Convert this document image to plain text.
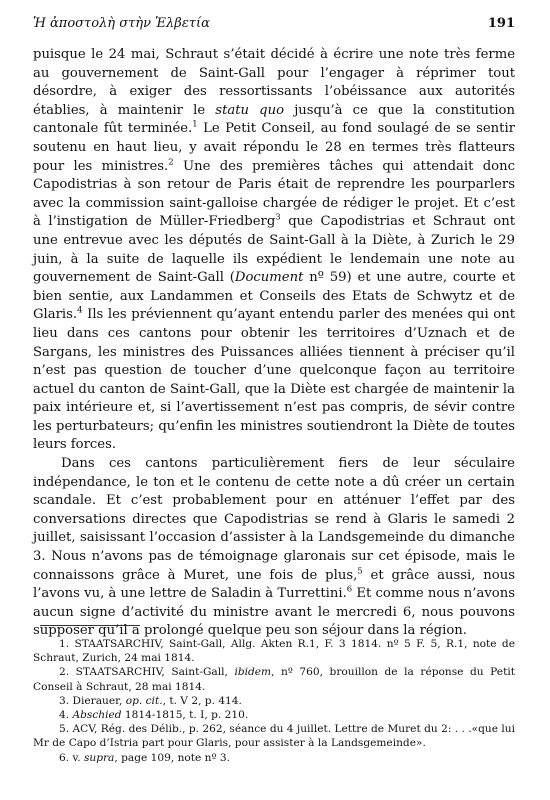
Ἡ ἀποστολὴ στὴν Ἑλβετία	191

puisque le 24 mai, Schraut s’était décidé à écrire une note très ferme au gouvernement de Saint-Gall pour l’engager à réprimer tout désordre, à exiger des ressortissants l’obéissance aux autorités établies, à maintenir le statu quo jusqu’à ce que la constitution cantonale fût terminée.$^1$ Le Petit Conseil, au fond soulagé de se sentir soutenu en haut lieu, y avait répondu le 28 en termes très flatteurs pour les ministres.$^2$ Une des premières tâches qui attendait donc Capodistrias à son retour de Paris était de reprendre les pourparlers avec la commission saint-galloise chargée de rédiger le projet. Et c’est à l’instigation de Müller-Friedberg$^3$ que Capodistrias et Schraut ont une entrevue avec les députés de Saint-Gall à la Diète, à Zurich le 29 juin, à la suite de laquelle ils expédient le lendemain une note au gouvernement de Saint-Gall (Document nº 59) et une autre, courte et bien sentie, aux Landammen et Conseils des Etats de Schwytz et de Glaris.$^4$ Ils les préviennent qu’ayant entendu parler des menées qui ont lieu dans ces cantons pour obtenir les territoires d’Uznach et de Sargans, les ministres des Puissances alliées tiennent à préciser qu’il n’est pas question de toucher d’une quelconque façon au territoire actuel du canton de Saint-Gall, que la Diète est chargée de maintenir la paix intérieure et, si l’avertissement n’est pas compris, de sévir contre les perturbateurs; qu’enfin les ministres soutiendront la Diète de toutes leurs forces.

Dans ces cantons particulièrement fiers de leur séculaire indépendance, le ton et le contenu de cette note a dû créer un certain scandale. Et c’est probablement pour en atténuer l’effet par des conversations directes que Capodistrias se rend à Glaris le samedi 2 juillet, saisissant l’occasion d’assister à la Landsgemeinde du dimanche 3. Nous n’avons pas de témoignage glaronais sur cet épisode, mais le connaissons grâce à Muret, une fois de plus,$^5$ et grâce aussi, nous l’avons vu, à une lettre de Saladin à Turrettini.$^6$ Et comme nous n’avons aucun signe d’activité du ministre avant le mercredi 6, nous pouvons supposer qu’il a prolongé quelque peu son séjour dans la région.

1. STAATSARCHIV, Saint-Gall, Allg. Akten R.1, F. 3 1814. nº 5 F. 5, R.1, note de Schraut, Zurich, 24 mai 1814.

2. STAATSARCHIV, Saint-Gall, ibidem, nº 760, brouillon de la réponse du Petit Conseil à Schraut, 28 mai 1814.

3. Dierauer, op. cit., t. V 2, p. 414.

4. Abschied 1814-1815, t. I, p. 210.

5. ACV, Rég. des Délib., p. 262, séance du 4 juillet. Lettre de Muret du 2: . . .«que lui Mr de Capo d’Istria part pour Glaris, pour assister à la Landsgemeinde».

6. v. supra, page 109, note nº 3.
